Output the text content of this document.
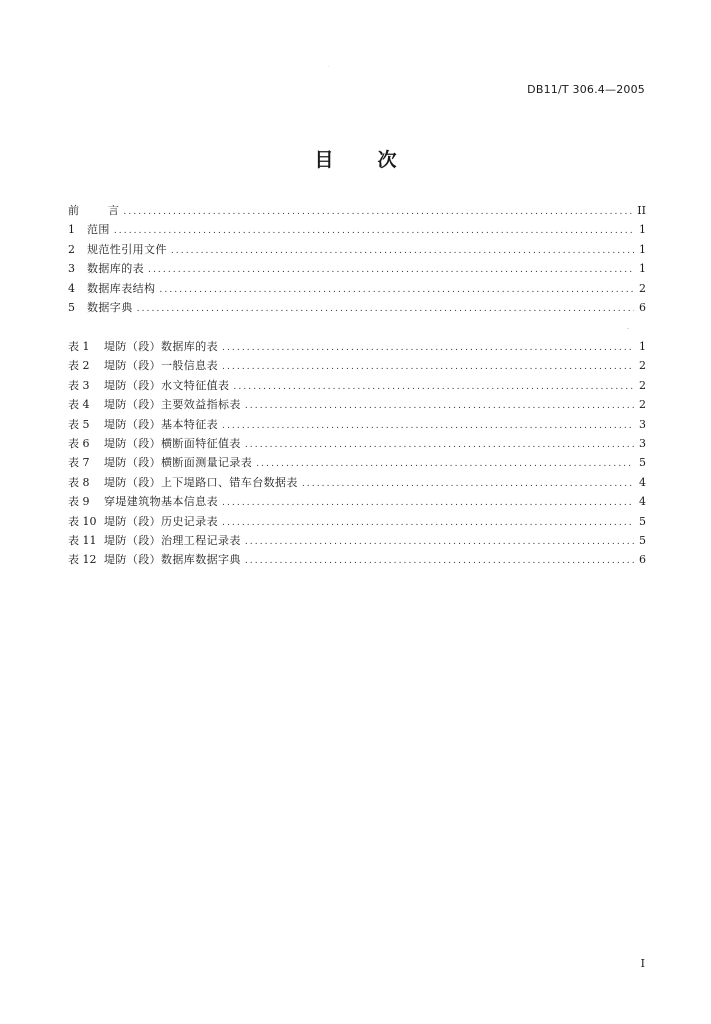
·
DB11/T 306.4—2005
目 次
前	言 .....	II
1	范围 .....	1
2	规范性引用文件 .....	1
3	数据库的表 .....	1
4	数据库表结构 .....	2
5	数据字典 .....	6
·
表 1	堤防（段）数据库的表 .....	1
表 2	堤防（段）一般信息表 .....	2
表 3	堤防（段）水文特征值表 .....	2
表 4	堤防（段）主要效益指标表 .....	2
表 5	堤防（段）基本特征表 .....	3
表 6	堤防（段）横断面特征值表 .....	3
表 7	堤防（段）横断面测量记录表 .....	5
表 8	堤防（段）上下堤路口、错车台数据表 .....	4
表 9	穿堤建筑物基本信息表 .....	4
表 10 堤防（段）历史记录表 .....	5
表 11 堤防（段）治理工程记录表 .....	5
表 12 堤防（段）数据库数据字典 .....	6
I
